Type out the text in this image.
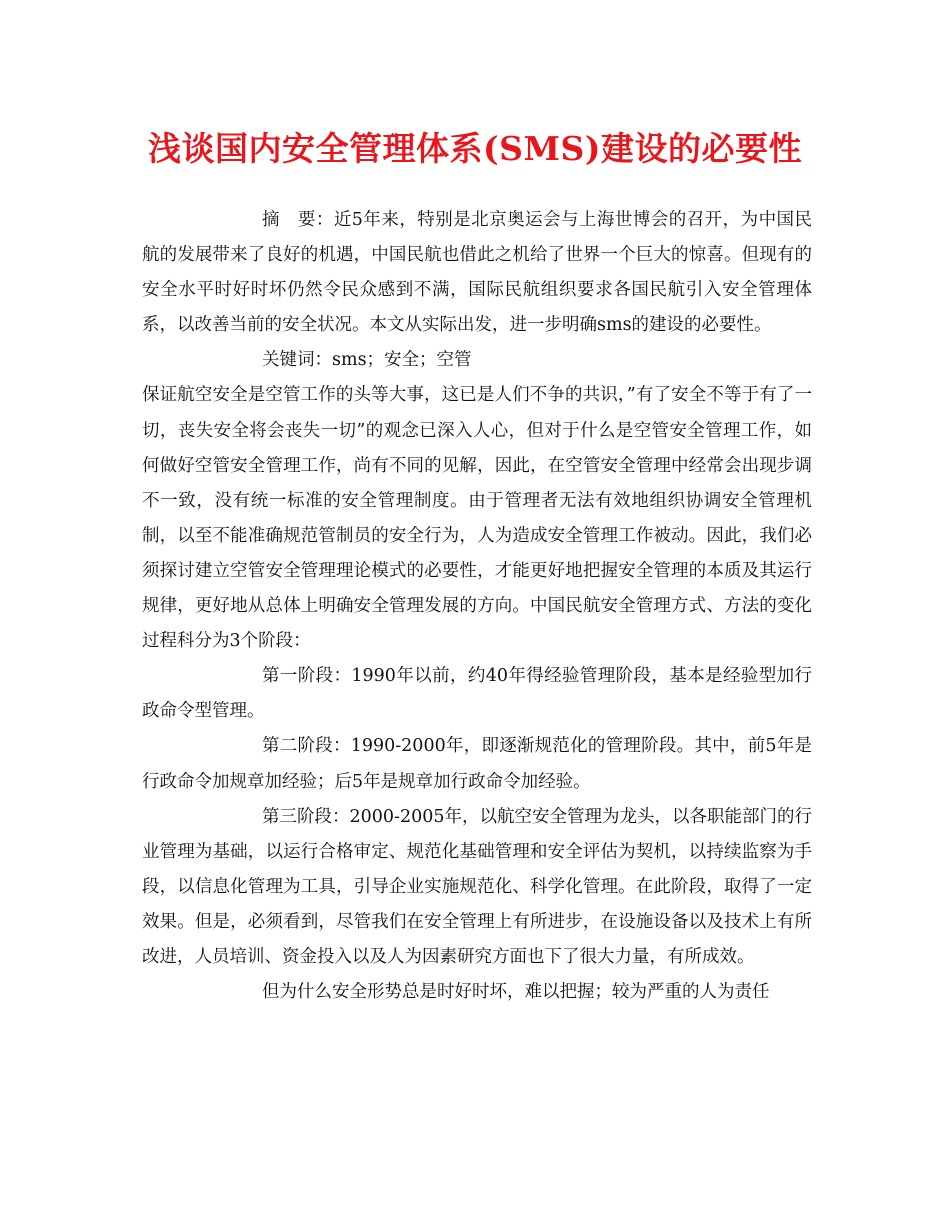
浅谈国内安全管理体系(SMS)建设的必要性

摘　要：近5年来，特别是北京奥运会与上海世博会的召开，为中国民航的发展带来了良好的机遇，中国民航也借此之机给了世界一个巨大的惊喜。但现有的安全水平时好时坏仍然令民众感到不满，国际民航组织要求各国民航引入安全管理体系，以改善当前的安全状况。本文从实际出发，进一步明确sms的建设的必要性。

关键词：sms；安全；空管

保证航空安全是空管工作的头等大事，这已是人们不争的共识，”有了安全不等于有了一切，丧失安全将会丧失一切”的观念已深入人心，但对于什么是空管安全管理工作，如何做好空管安全管理工作，尚有不同的见解，因此，在空管安全管理中经常会出现步调不一致，没有统一标准的安全管理制度。由于管理者无法有效地组织协调安全管理机制，以至不能准确规范管制员的安全行为，人为造成安全管理工作被动。因此，我们必须探讨建立空管安全管理理论模式的必要性，才能更好地把握安全管理的本质及其运行规律，更好地从总体上明确安全管理发展的方向。中国民航安全管理方式、方法的变化过程科分为3个阶段：

第一阶段：1990年以前，约40年得经验管理阶段，基本是经验型加行政命令型管理。

第二阶段：1990-2000年，即逐渐规范化的管理阶段。其中，前5年是行政命令加规章加经验；后5年是规章加行政命令加经验。

第三阶段：2000-2005年，以航空安全管理为龙头，以各职能部门的行业管理为基础，以运行合格审定、规范化基础管理和安全评估为契机，以持续监察为手段，以信息化管理为工具，引导企业实施规范化、科学化管理。在此阶段，取得了一定效果。但是，必须看到，尽管我们在安全管理上有所进步，在设施设备以及技术上有所改进，人员培训、资金投入以及人为因素研究方面也下了很大力量，有所成效。

但为什么安全形势总是时好时坏，难以把握；较为严重的人为责任
